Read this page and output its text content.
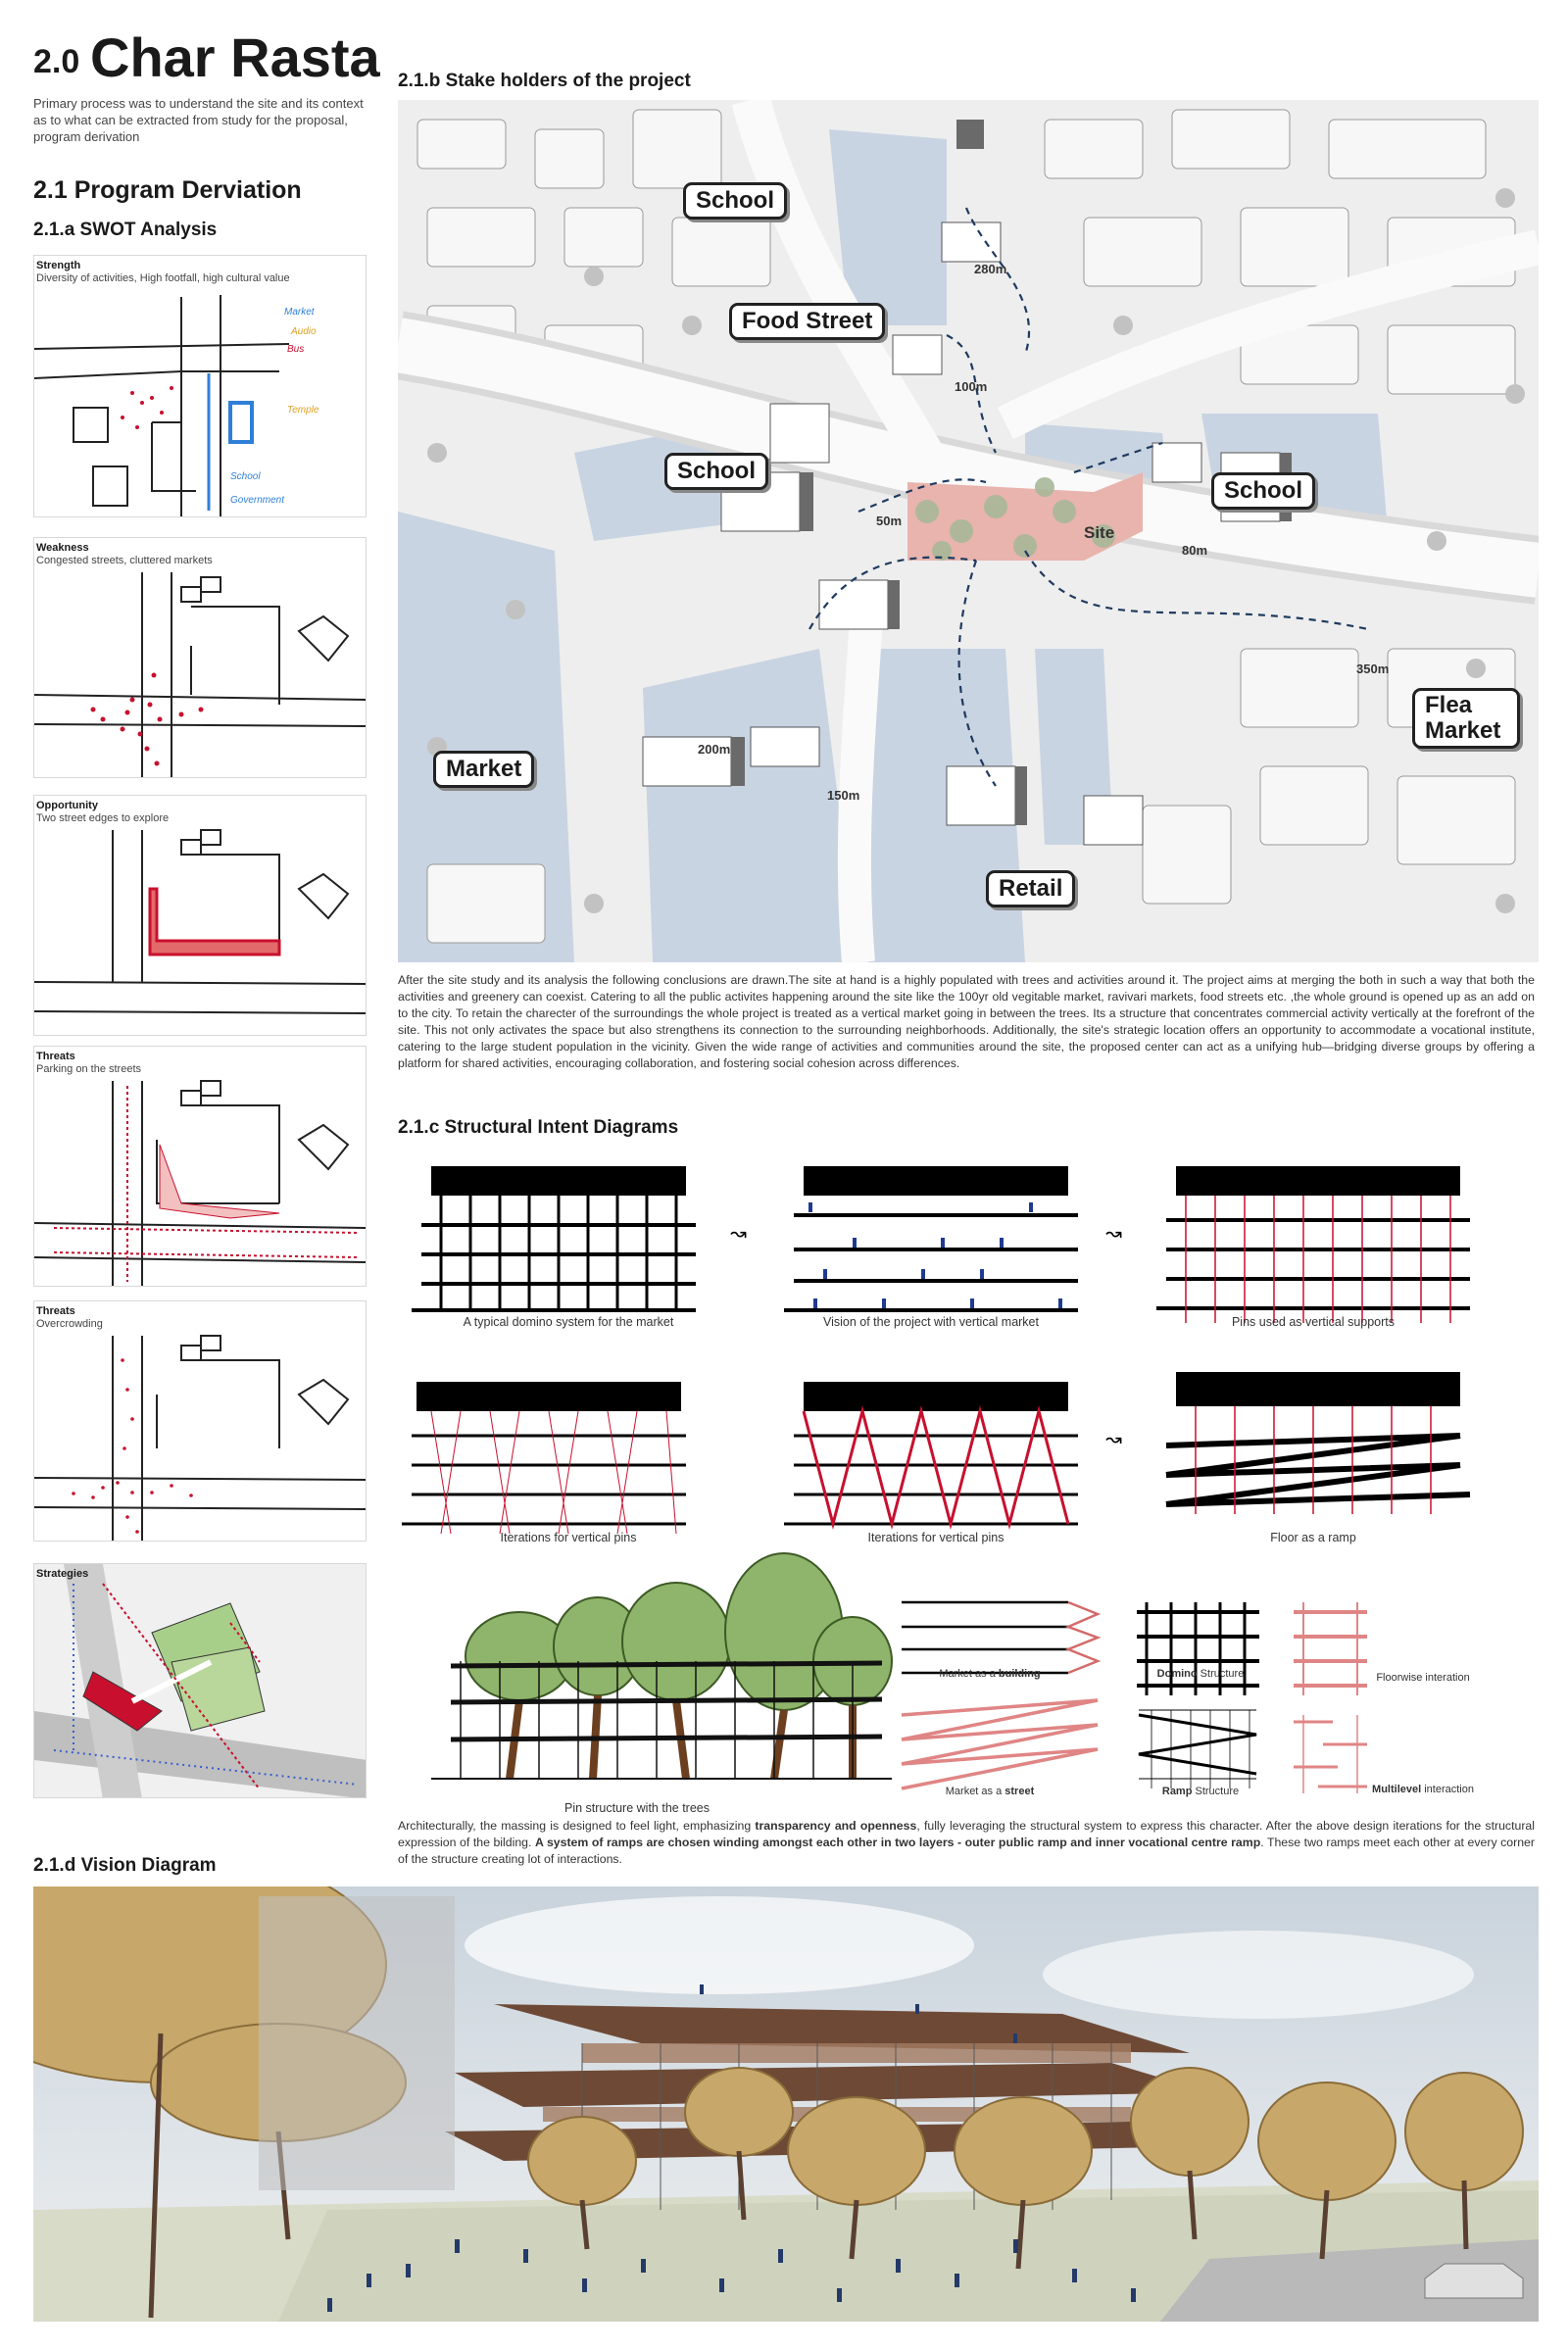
2.0 Char Rasta
Primary process was to understand the site and its context as to what can be extracted from study for the proposal, program derivation
2.1 Program Derviation
2.1.a SWOT Analysis
Market
Audio
Bus
Temple
School
Government
Strength
Diversity of activities, High footfall, high cultural value
Weakness
Congested streets, cluttered markets
Opportunity
Two street edges to explore
Threats
Parking on the streets
Threats
Overcrowding
Strategies
2.1.b Stake holders of the project
School
Food Street
School
School
Flea Market
Market
Retail
Site
280m
100m
50m
80m
350m
200m
150m
After the site study and its analysis the following conclusions are drawn.The site at hand is a highly populated with trees and activities around it. The project aims at merging the both in such a way that both the activities and greenery can coexist. Catering to all the public activites happening around the site like the 100yr old vegitable market, ravivari markets, food streets etc. ,the whole ground is opened up as an add on to the city. To retain the charecter of the surroundings the whole project is treated as a vertical market going in between the trees. Its a structure that concentrates commercial activity vertically at the forefront of the site. This not only activates the space but also strengthens its connection to the surrounding neighborhoods. Additionally, the site's strategic location offers an opportunity to accommodate a vocational institute, catering to the large student population in the vicinity. Given the wide range of activities and communities around the site, the proposed center can act as a unifying hub—bridging diverse groups by offering a platform for shared activities, encouraging collaboration, and fostering social cohesion across differences.
2.1.c Structural Intent Diagrams
↝	↝
↝
A typical domino system for the market	Vision of the project with vertical market	Pins used as vertical supports
Iterations for vertical pins	Iterations for vertical pins	Floor as a ramp
Pin structure with the trees
Market as a building
Market as a street
Domino Structure
Ramp Structure
Floorwise interation
Multilevel interaction
Architecturally, the massing is designed to feel light, emphasizing transparency and openness, fully leveraging the structural system to express this character. After the above design iterations for the structural expression of the bilding. A system of ramps are chosen winding amongst each other in two layers - outer public ramp and inner vocational centre ramp. These two ramps meet each other at every corner of the structure creating lot of interactions.
2.1.d Vision Diagram
